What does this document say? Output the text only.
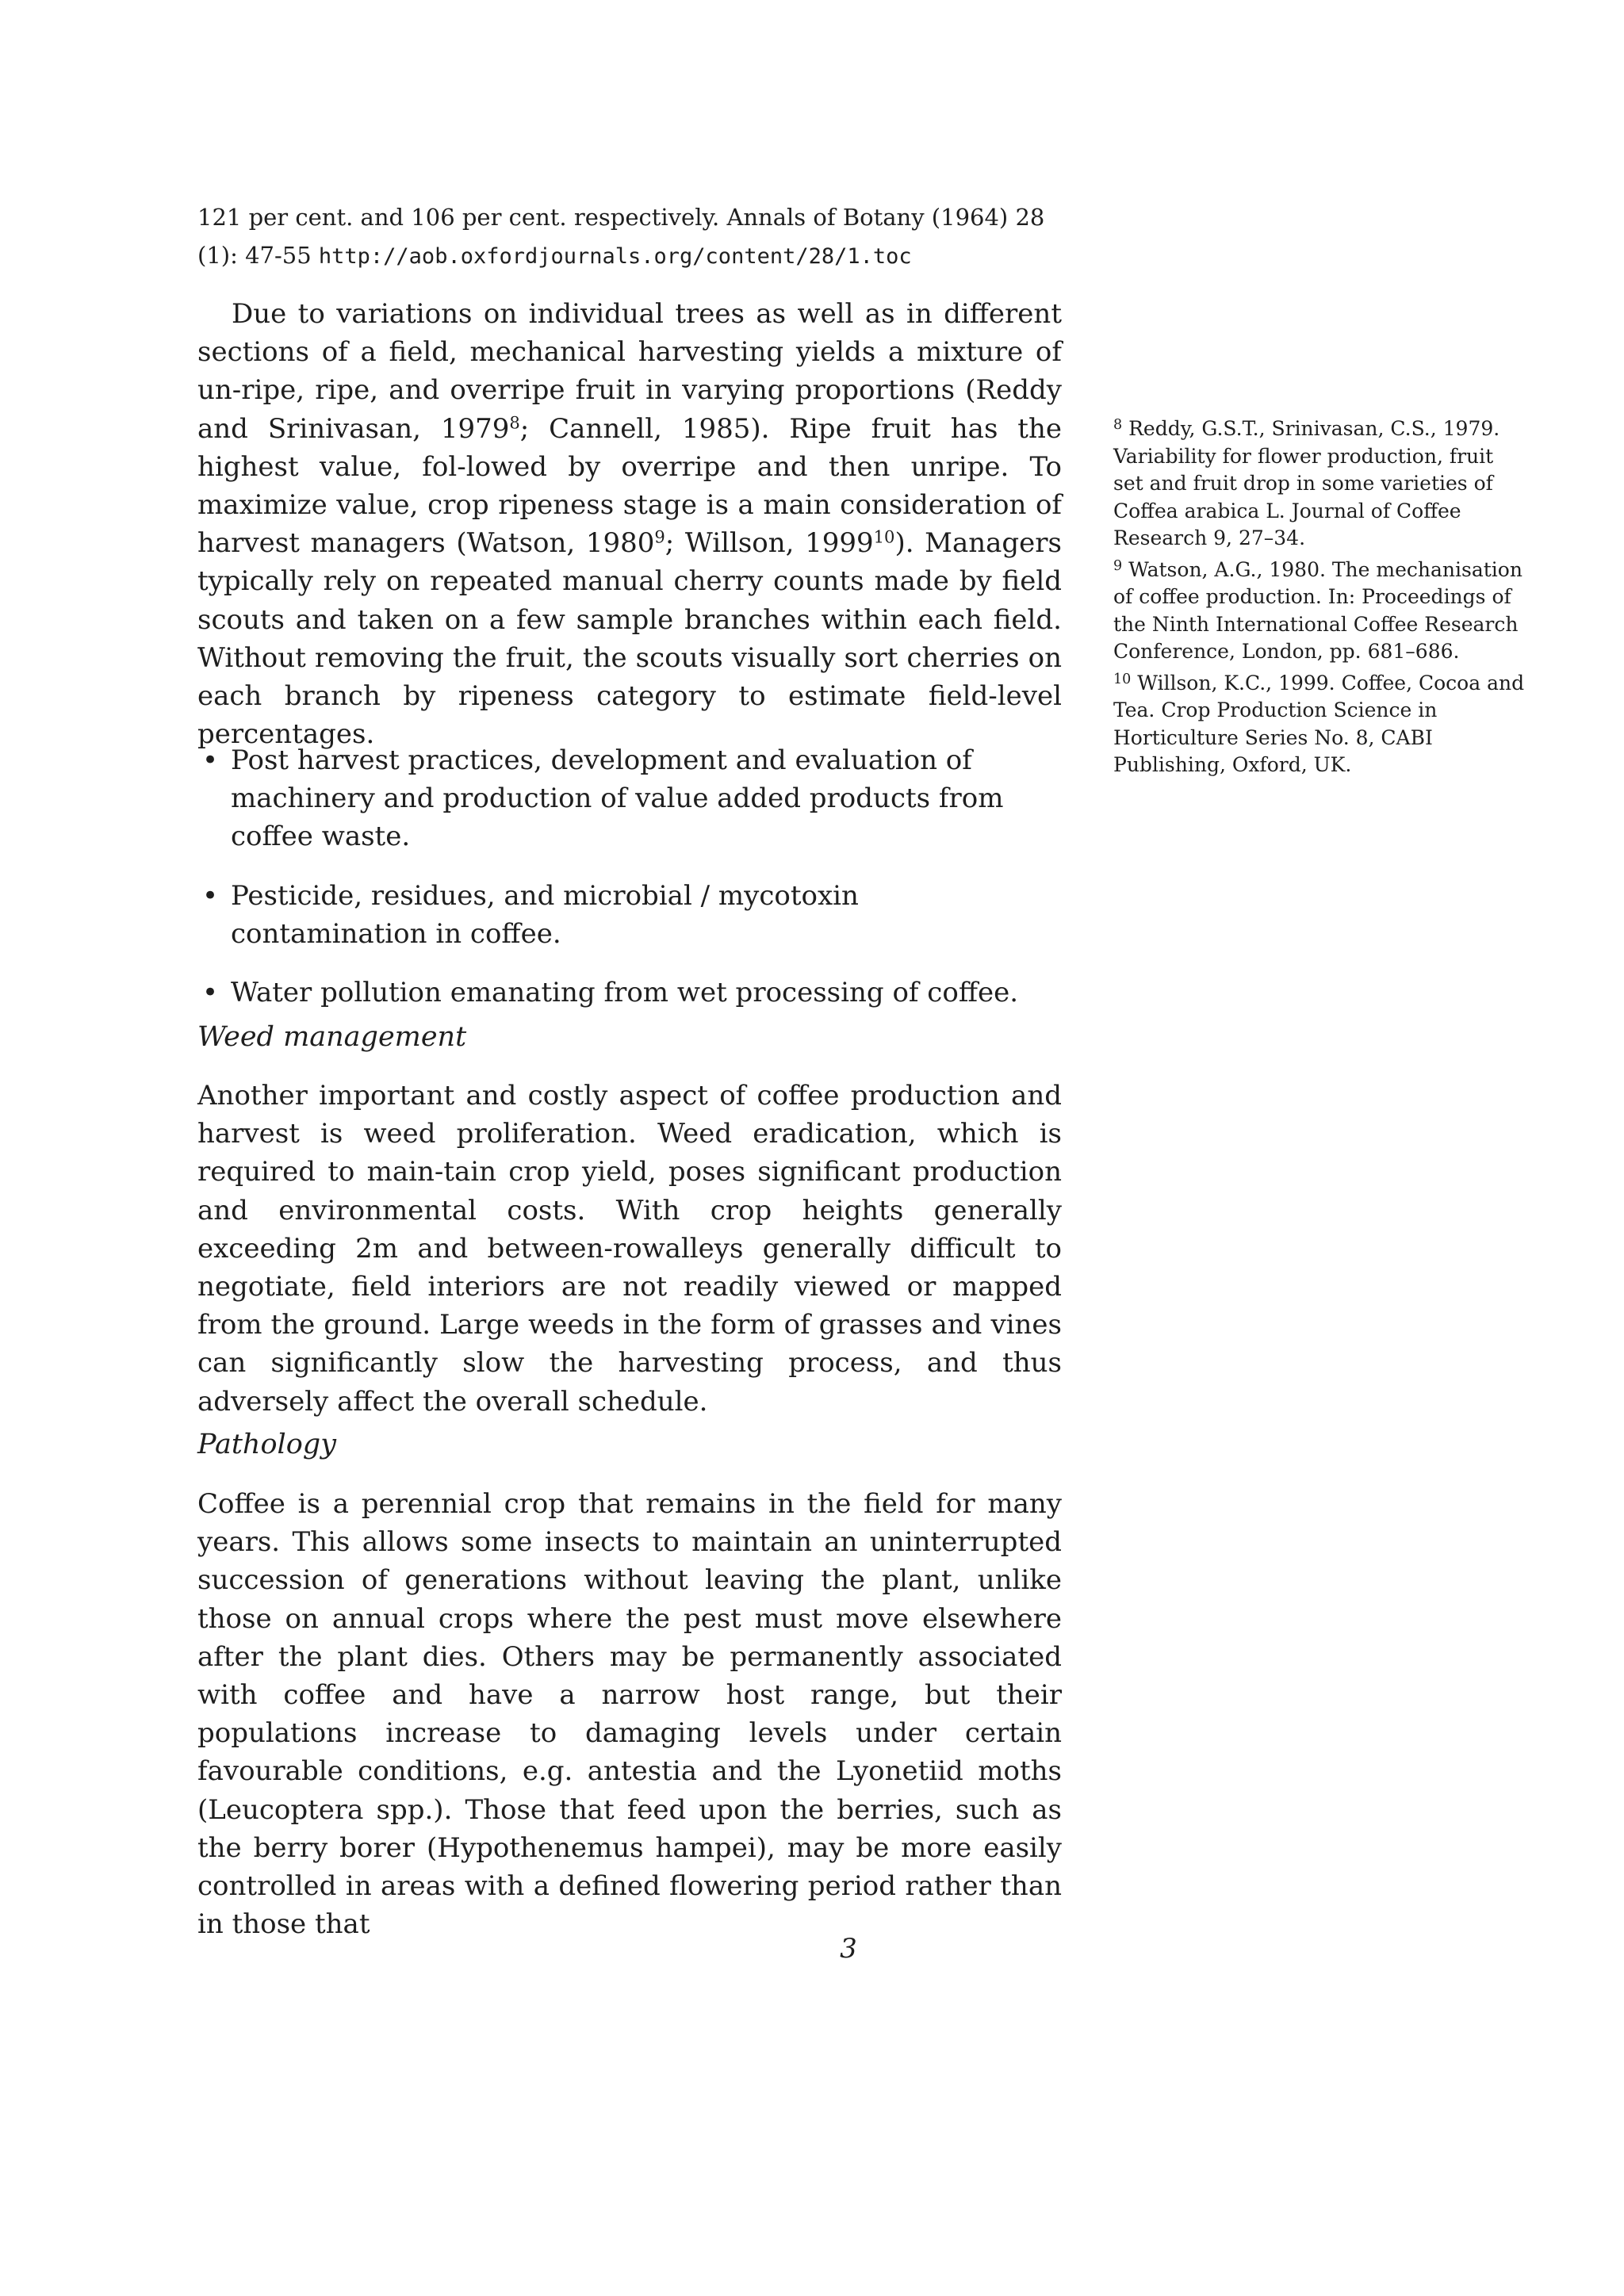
121 per cent. and 106 per cent. respectively. Annals of Botany (1964) 28
(1): 47-55 http://aob.oxfordjournals.org/content/28/1.toc

Due to variations on individual trees as well as in different sections of a field, mechanical harvesting yields a mixture of un-ripe, ripe, and overripe fruit in varying proportions (Reddy and Srinivasan, 1979$^8$; Cannell, 1985). Ripe fruit has the highest value, fol-lowed by overripe and then unripe. To maximize value, crop ripeness stage is a main consideration of harvest managers (Watson, 1980$^9$; Willson, 1999$^{10}$). Managers typically rely on repeated manual cherry counts made by field scouts and taken on a few sample branches within each field. Without removing the fruit, the scouts visually sort cherries on each branch by ripeness category to estimate field-level percentages.

• Post harvest practices, development and evaluation of machinery and production of value added products from coffee waste.
• Pesticide, residues, and microbial / mycotoxin contamination in coffee.
• Water pollution emanating from wet processing of coffee.
Weed management

Another important and costly aspect of coffee production and harvest is weed proliferation. Weed eradication, which is required to main-tain crop yield, poses significant production and environmental costs. With crop heights generally exceeding 2m and between-rowalleys generally difficult to negotiate, field interiors are not readily viewed or mapped from the ground. Large weeds in the form of grasses and vines can significantly slow the harvesting process, and thus adversely affect the overall schedule.

Pathology

Coffee is a perennial crop that remains in the field for many years. This allows some insects to maintain an uninterrupted succession of generations without leaving the plant, unlike those on annual crops where the pest must move elsewhere after the plant dies. Others may be permanently associated with coffee and have a narrow host range, but their populations increase to damaging levels under certain favourable conditions, e.g. antestia and the Lyonetiid moths (Leucoptera spp.). Those that feed upon the berries, such as the berry borer (Hypothenemus hampei), may be more easily controlled in areas with a defined flowering period rather than in those that

$^8$ Reddy, G.S.T., Srinivasan, C.S., 1979. Variability for flower production, fruit set and fruit drop in some varieties of Coffea arabica L. Journal of Coffee Research 9, 27–34.

$^9$ Watson, A.G., 1980. The mechanisation of coffee production. In: Proceedings of the Ninth International Coffee Research Conference, London, pp. 681–686.

$^{10}$ Willson, K.C., 1999. Coffee, Cocoa and Tea. Crop Production Science in Horticulture Series No. 8, CABI Publishing, Oxford, UK.

3
